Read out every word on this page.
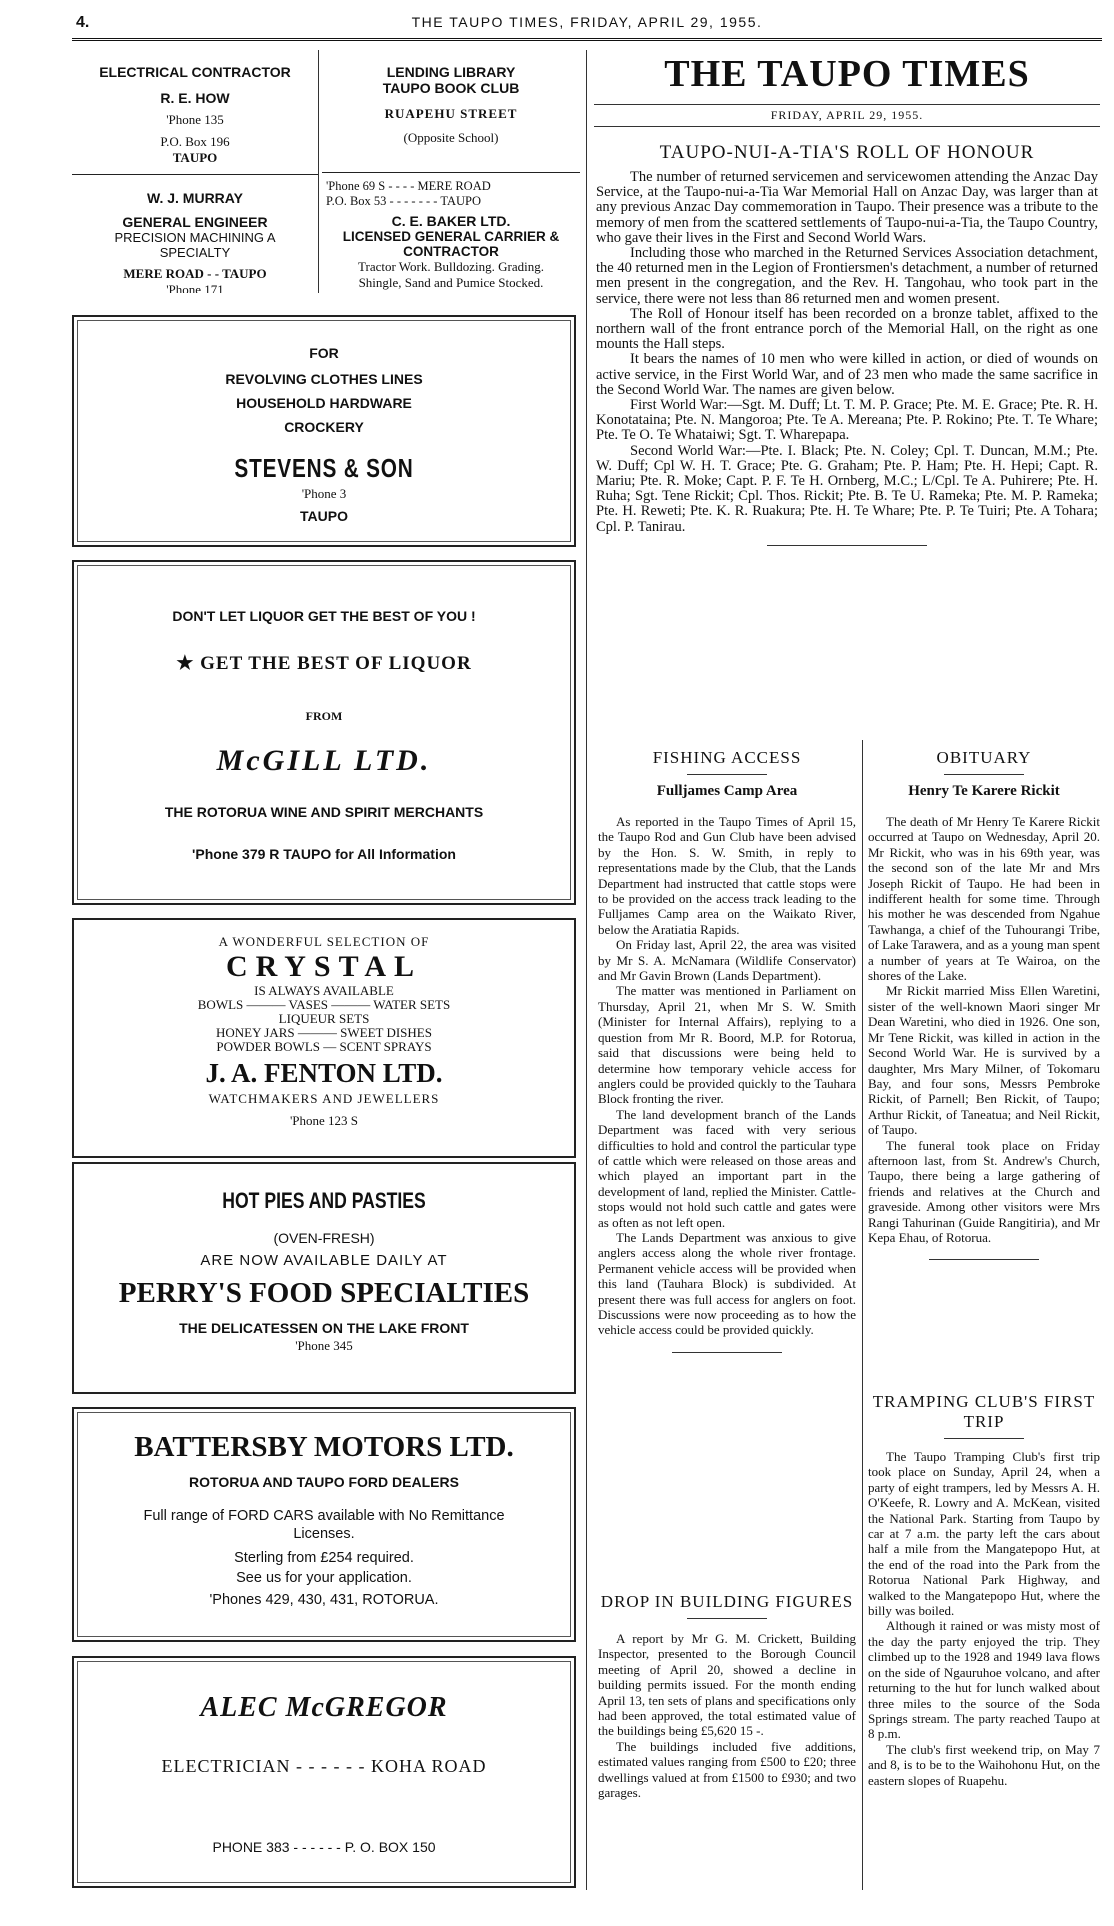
4.	THE TAUPO TIMES, FRIDAY, APRIL 29, 1955.
ELECTRICAL CONTRACTOR
R. E. HOW
'Phone 135
P.O. Box 196
TAUPO
LENDING LIBRARY
TAUPO BOOK CLUB
RUAPEHU STREET
(Opposite School)
W. J. MURRAY
GENERAL ENGINEER
PRECISION MACHINING A
SPECIALTY
MERE ROAD - - TAUPO
'Phone 171
'Phone 69 S - - - - MERE ROAD
P.O. Box 53 - - - - - - - TAUPO
C. E. BAKER LTD.
LICENSED GENERAL CARRIER &
CONTRACTOR
Tractor Work. Bulldozing. Grading.
Shingle, Sand and Pumice Stocked.
FOR
REVOLVING CLOTHES LINES
HOUSEHOLD HARDWARE
CROCKERY
STEVENS & SON
'Phone 3
TAUPO
DON'T LET LIQUOR GET THE BEST OF YOU !
★ GET THE BEST OF LIQUOR
FROM
McGILL LTD.
THE ROTORUA WINE AND SPIRIT MERCHANTS
'Phone 379 R TAUPO for All Information
A WONDERFUL SELECTION OF
CRYSTAL
IS ALWAYS AVAILABLE
BOWLS ——— VASES ——— WATER SETS
LIQUEUR SETS
HONEY JARS ——— SWEET DISHES
POWDER BOWLS — SCENT SPRAYS
J. A. FENTON LTD.
WATCHMAKERS AND JEWELLERS
'Phone 123 S
HOT PIES AND PASTIES
(OVEN-FRESH)
ARE NOW AVAILABLE DAILY AT
PERRY'S FOOD SPECIALTIES
THE DELICATESSEN ON THE LAKE FRONT
'Phone 345
BATTERSBY MOTORS LTD.
ROTORUA AND TAUPO FORD DEALERS
Full range of FORD CARS available with No Remittance
Licenses.
Sterling from £254 required.
See us for your application.
'Phones 429, 430, 431, ROTORUA.
ALEC McGREGOR
ELECTRICIAN - - - - - - KOHA ROAD
PHONE 383 - - - - - - P. O. BOX 150
THE TAUPO TIMES
FRIDAY, APRIL 29, 1955.
TAUPO-NUI-A-TIA'S ROLL OF HONOUR

The number of returned servicemen and servicewomen attending the Anzac Day Service, at the Taupo-nui-a-Tia War Memorial Hall on Anzac Day, was larger than at any previous Anzac Day commemoration in Taupo. Their presence was a tribute to the memory of men from the scattered settlements of Taupo-nui-a-Tia, the Taupo Country, who gave their lives in the First and Second World Wars.

Including those who marched in the Returned Services Association detachment, the 40 returned men in the Legion of Frontiersmen's detachment, a number of returned men present in the congregation, and the Rev. H. Tangohau, who took part in the service, there were not less than 86 returned men and women present.

The Roll of Honour itself has been recorded on a bronze tablet, affixed to the northern wall of the front entrance porch of the Memorial Hall, on the right as one mounts the Hall steps.

It bears the names of 10 men who were killed in action, or died of wounds on active service, in the First World War, and of 23 men who made the same sacrifice in the Second World War. The names are given below.

First World War:—Sgt. M. Duff; Lt. T. M. P. Grace; Pte. M. E. Grace; Pte. R. H. Konotataina; Pte. N. Mangoroa; Pte. Te A. Mereana; Pte. P. Rokino; Pte. T. Te Whare; Pte. Te O. Te Whataiwi; Sgt. T. Wharepapa.

Second World War:—Pte. I. Black; Pte. N. Coley; Cpl. T. Duncan, M.M.; Pte. W. Duff; Cpl W. H. T. Grace; Pte. G. Graham; Pte. P. Ham; Pte. H. Hepi; Capt. R. Mariu; Pte. R. Moke; Capt. P. F. Te H. Ornberg, M.C.; L/Cpl. Te A. Puhirere; Pte. H. Ruha; Sgt. Tene Rickit; Cpl. Thos. Rickit; Pte. B. Te U. Rameka; Pte. M. P. Rameka; Pte. H. Reweti; Pte. K. R. Ruakura; Pte. H. Te Whare; Pte. P. Te Tuiri; Pte. A Tohara; Cpl. P. Tanirau.

FISHING ACCESS
Fulljames Camp Area

As reported in the Taupo Times of April 15, the Taupo Rod and Gun Club have been advised by the Hon. S. W. Smith, in reply to representations made by the Club, that the Lands Department had instructed that cattle stops were to be provided on the access track leading to the Fulljames Camp area on the Waikato River, below the Aratiatia Rapids.

On Friday last, April 22, the area was visited by Mr S. A. McNamara (Wildlife Conservator) and Mr Gavin Brown (Lands Department).

The matter was mentioned in Parliament on Thursday, April 21, when Mr S. W. Smith (Minister for Internal Affairs), replying to a question from Mr R. Boord, M.P. for Rotorua, said that discussions were being held to determine how temporary vehicle access for anglers could be provided quickly to the Tauhara Block fronting the river.

The land development branch of the Lands Department was faced with very serious difficulties to hold and control the particular type of cattle which were released on those areas and which played an important part in the development of land, replied the Minister. Cattle-stops would not hold such cattle and gates were as often as not left open.

The Lands Department was anxious to give anglers access along the whole river frontage. Permanent vehicle access will be provided when this land (Tauhara Block) is subdivided. At present there was full access for anglers on foot. Discussions were now proceeding as to how the vehicle access could be provided quickly.

DROP IN BUILDING FIGURES

A report by Mr G. M. Crickett, Building Inspector, presented to the Borough Council meeting of April 20, showed a decline in building permits issued. For the month ending April 13, ten sets of plans and specifications only had been approved, the total estimated value of the buildings being £5,620 15 -.

The buildings included five additions, estimated values ranging from £500 to £20; three dwellings valued at from £1500 to £930; and two garages.

OBITUARY
Henry Te Karere Rickit

The death of Mr Henry Te Karere Rickit occurred at Taupo on Wednesday, April 20. Mr Rickit, who was in his 69th year, was the second son of the late Mr and Mrs Joseph Rickit of Taupo. He had been in indifferent health for some time. Through his mother he was descended from Ngahue Tawhanga, a chief of the Tuhourangi Tribe, of Lake Tarawera, and as a young man spent a number of years at Te Wairoa, on the shores of the Lake.

Mr Rickit married Miss Ellen Waretini, sister of the well-known Maori singer Mr Dean Waretini, who died in 1926. One son, Mr Tene Rickit, was killed in action in the Second World War. He is survived by a daughter, Mrs Mary Milner, of Tokomaru Bay, and four sons, Messrs Pembroke Rickit, of Parnell; Ben Rickit, of Taupo; Arthur Rickit, of Taneatua; and Neil Rickit, of Taupo.

The funeral took place on Friday afternoon last, from St. Andrew's Church, Taupo, there being a large gathering of friends and relatives at the Church and graveside. Among other visitors were Mrs Rangi Tahurinan (Guide Rangitiria), and Mr Kepa Ehau, of Rotorua.

TRAMPING CLUB'S FIRST TRIP

The Taupo Tramping Club's first trip took place on Sunday, April 24, when a party of eight trampers, led by Messrs A. H. O'Keefe, R. Lowry and A. McKean, visited the National Park. Starting from Taupo by car at 7 a.m. the party left the cars about half a mile from the Mangatepopo Hut, at the end of the road into the Park from the Rotorua National Park Highway, and walked to the Mangatepopo Hut, where the billy was boiled.

Although it rained or was misty most of the day the party enjoyed the trip. They climbed up to the 1928 and 1949 lava flows on the side of Ngauruhoe volcano, and after returning to the hut for lunch walked about three miles to the source of the Soda Springs stream. The party reached Taupo at 8 p.m.

The club's first weekend trip, on May 7 and 8, is to be to the Waihohonu Hut, on the eastern slopes of Ruapehu.
